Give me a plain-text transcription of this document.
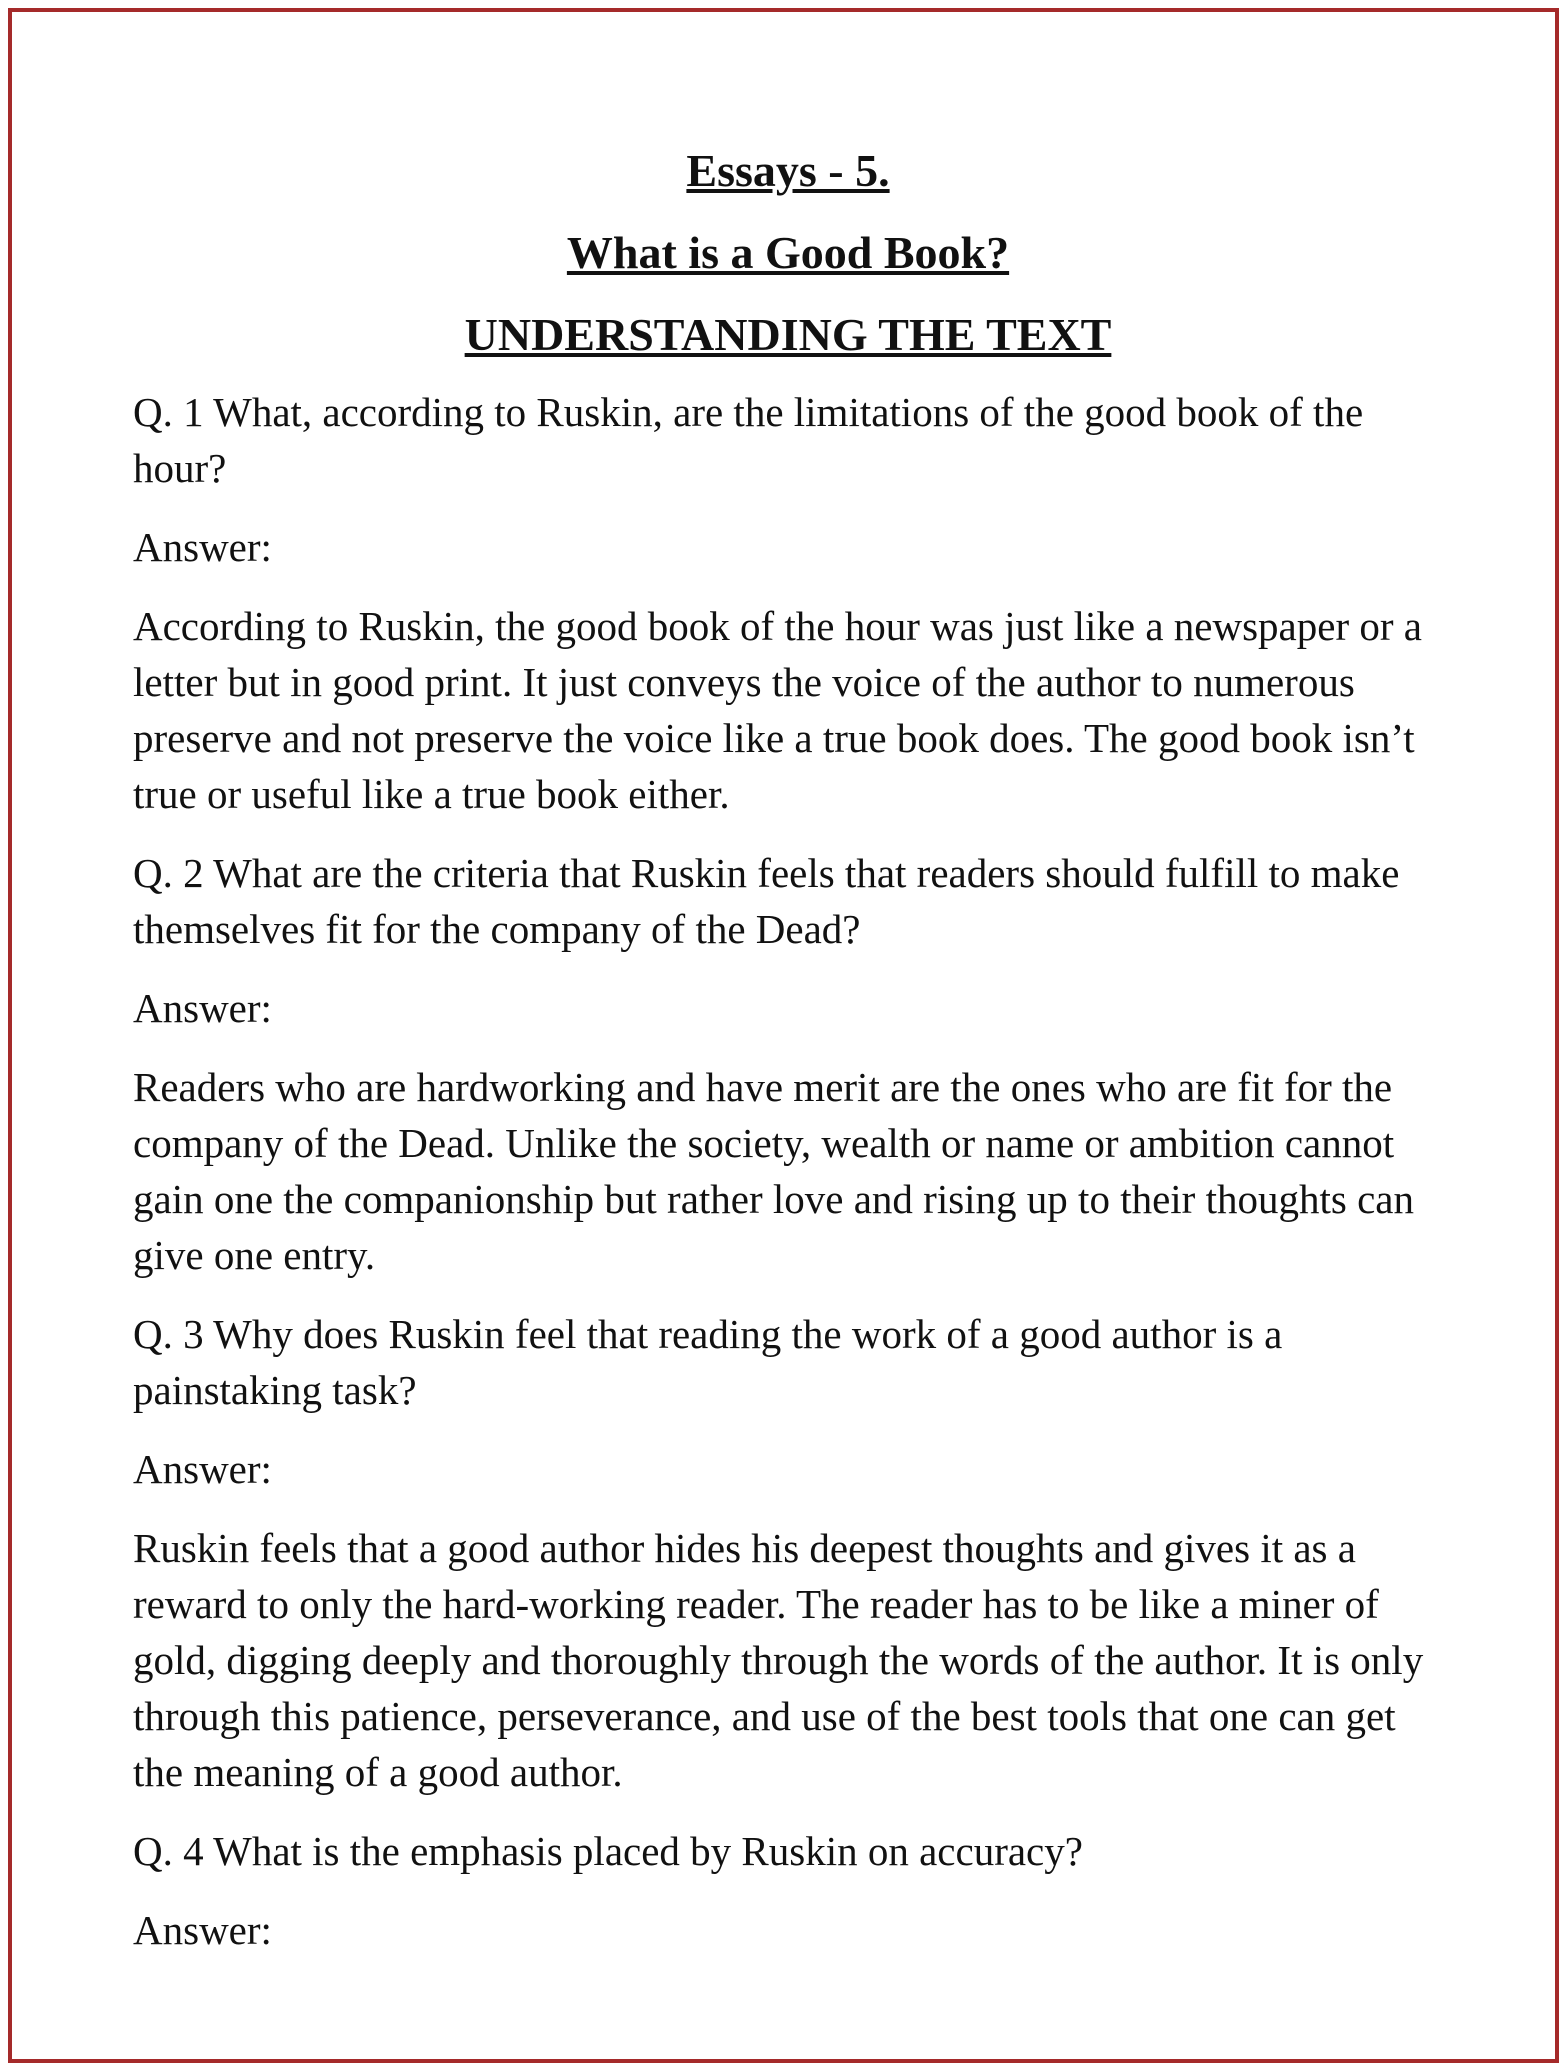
Essays - 5.
What is a Good Book?
UNDERSTANDING THE TEXT

Q. 1 What, according to Ruskin, are the limitations of the good book of the hour?

Answer:

According to Ruskin, the good book of the hour was just like a newspaper or a letter but in good print. It just conveys the voice of the author to numerous preserve and not preserve the voice like a true book does. The good book isn’t true or useful like a true book either.

Q. 2 What are the criteria that Ruskin feels that readers should fulfill to make themselves fit for the company of the Dead?

Answer:

Readers who are hardworking and have merit are the ones who are fit for the company of the Dead. Unlike the society, wealth or name or ambition cannot gain one the companionship but rather love and rising up to their thoughts can give one entry.

Q. 3 Why does Ruskin feel that reading the work of a good author is a painstaking task?

Answer:

Ruskin feels that a good author hides his deepest thoughts and gives it as a reward to only the hard-working reader. The reader has to be like a miner of gold, digging deeply and thoroughly through the words of the author. It is only through this patience, perseverance, and use of the best tools that one can get the meaning of a good author.

Q. 4 What is the emphasis placed by Ruskin on accuracy?

Answer:
